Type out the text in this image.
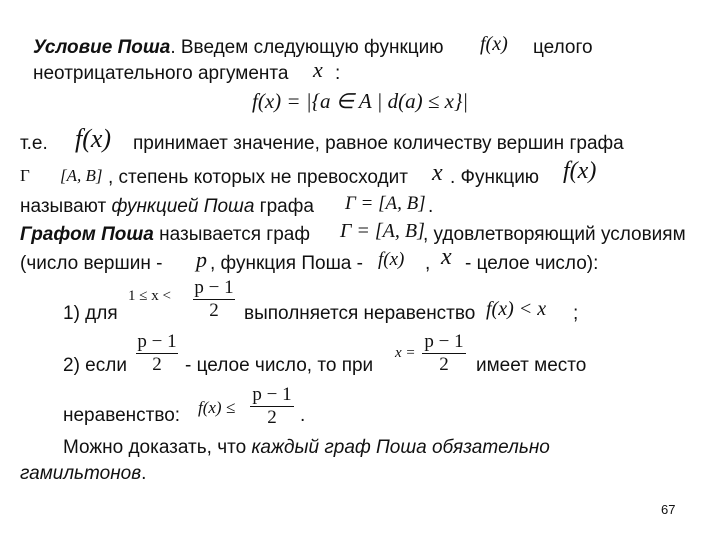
Условие Поша. Введем следующую функцию f(x) целого
неотрицательного аргумента x :
f(x) = |{a ∈ A | d(a) ≤ x}|
т.е. f(x) принимает значение, равное количеству вершин графа
Γ [A, B] , степень которых не превосходит x . Функцию f(x)
называют функцией Поша графа Γ = [A, B] .
Графом Поша называется граф Γ = [A, B]
, удовлетворяющий условиям
(число вершин - p , функция Поша - f(x) , x - целое число):
1) для
1 ≤ x < p − 1
2	выполняется неравенство f(x) < x ;
2) если
p − 1
2	- целое число, то при
x =
p − 1
2	имеет место
неравенство: f(x) ≤
p − 1
2	.
Можно доказать, что каждый граф Поша обязательно
гамильтонов.
67
